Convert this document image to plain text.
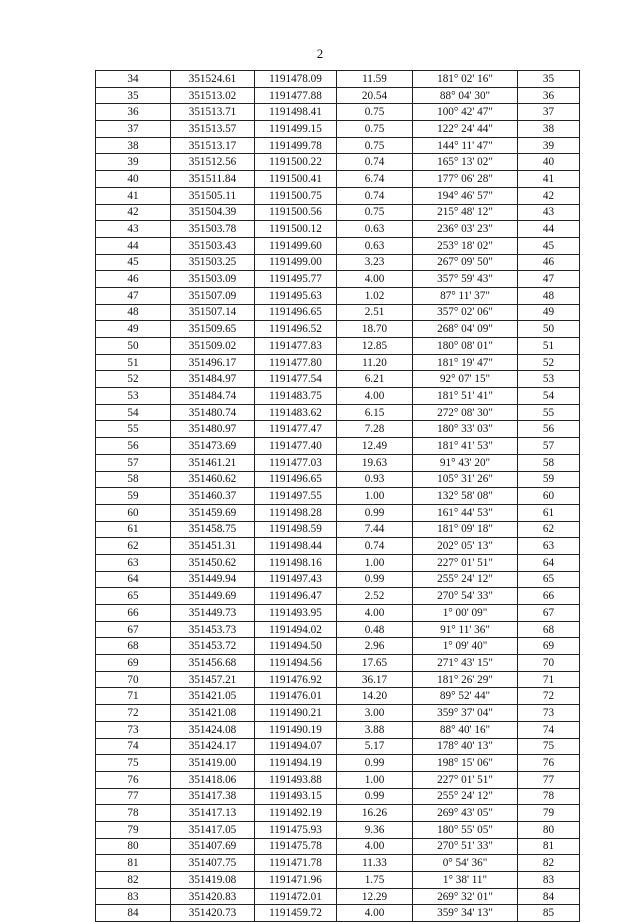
2
34	351524.61	1191478.09	11.59	181° 02' 16"	35
35	351513.02	1191477.88	20.54	88° 04' 30"	36
36	351513.71	1191498.41	0.75	100° 42' 47"	37
37	351513.57	1191499.15	0.75	122° 24' 44"	38
38	351513.17	1191499.78	0.75	144° 11' 47"	39
39	351512.56	1191500.22	0.74	165° 13' 02"	40
40	351511.84	1191500.41	6.74	177° 06' 28"	41
41	351505.11	1191500.75	0.74	194° 46' 57"	42
42	351504.39	1191500.56	0.75	215° 48' 12"	43
43	351503.78	1191500.12	0.63	236° 03' 23"	44
44	351503.43	1191499.60	0.63	253° 18' 02"	45
45	351503.25	1191499.00	3.23	267° 09' 50"	46
46	351503.09	1191495.77	4.00	357° 59' 43"	47
47	351507.09	1191495.63	1.02	87° 11' 37"	48
48	351507.14	1191496.65	2.51	357° 02' 06"	49
49	351509.65	1191496.52	18.70	268° 04' 09"	50
50	351509.02	1191477.83	12.85	180° 08' 01"	51
51	351496.17	1191477.80	11.20	181° 19' 47"	52
52	351484.97	1191477.54	6.21	92° 07' 15"	53
53	351484.74	1191483.75	4.00	181° 51' 41"	54
54	351480.74	1191483.62	6.15	272° 08' 30"	55
55	351480.97	1191477.47	7.28	180° 33' 03"	56
56	351473.69	1191477.40	12.49	181° 41' 53"	57
57	351461.21	1191477.03	19.63	91° 43' 20"	58
58	351460.62	1191496.65	0.93	105° 31' 26"	59
59	351460.37	1191497.55	1.00	132° 58' 08"	60
60	351459.69	1191498.28	0.99	161° 44' 53"	61
61	351458.75	1191498.59	7.44	181° 09' 18"	62
62	351451.31	1191498.44	0.74	202° 05' 13"	63
63	351450.62	1191498.16	1.00	227° 01' 51"	64
64	351449.94	1191497.43	0.99	255° 24' 12"	65
65	351449.69	1191496.47	2.52	270° 54' 33"	66
66	351449.73	1191493.95	4.00	1° 00' 09"	67
67	351453.73	1191494.02	0.48	91° 11' 36"	68
68	351453.72	1191494.50	2.96	1° 09' 40"	69
69	351456.68	1191494.56	17.65	271° 43' 15"	70
70	351457.21	1191476.92	36.17	181° 26' 29"	71
71	351421.05	1191476.01	14.20	89° 52' 44"	72
72	351421.08	1191490.21	3.00	359° 37' 04"	73
73	351424.08	1191490.19	3.88	88° 40' 16"	74
74	351424.17	1191494.07	5.17	178° 40' 13"	75
75	351419.00	1191494.19	0.99	198° 15' 06"	76
76	351418.06	1191493.88	1.00	227° 01' 51"	77
77	351417.38	1191493.15	0.99	255° 24' 12"	78
78	351417.13	1191492.19	16.26	269° 43' 05"	79
79	351417.05	1191475.93	9.36	180° 55' 05"	80
80	351407.69	1191475.78	4.00	270° 51' 33"	81
81	351407.75	1191471.78	11.33	0° 54' 36"	82
82	351419.08	1191471.96	1.75	1° 38' 11"	83
83	351420.83	1191472.01	12.29	269° 32' 01"	84
84	351420.73	1191459.72	4.00	359° 34' 13"	85
